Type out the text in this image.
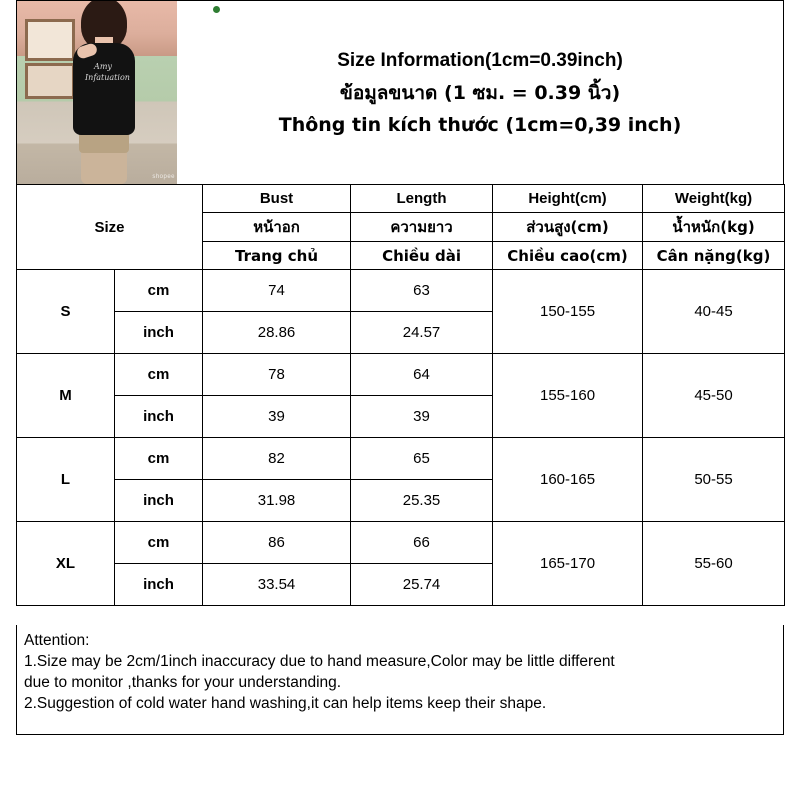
Amy Infatuation
shopee
Size Information(1cm=0.39inch)
ข้อมูลขนาด (1 ซม. = 0.39 นิ้ว)
Thông tin kích thước (1cm=0,39 inch)
Size		Bust	Length	Height(cm)	Weight(kg)
		หน้าอก	ความยาว	ส่วนสูง(cm)	น้ำหนัก(kg)
		Trang chủ	Chiều dài	Chiều cao(cm)	Cân nặng(kg)
S	cm	74	63	150-155	40-45
	inch	28.86	24.57		
M	cm	78	64	155-160	45-50
	inch	39	39		
L	cm	82	65	160-165	50-55
	inch	31.98	25.35		
XL	cm	86	66	165-170	55-60
	inch	33.54	25.74		

Attention:

1.Size may be 2cm/1inch inaccuracy due to hand measure,Color may be little different

due to monitor ,thanks for your understanding.

2.Suggestion of cold water hand washing,it can help items keep their shape.
